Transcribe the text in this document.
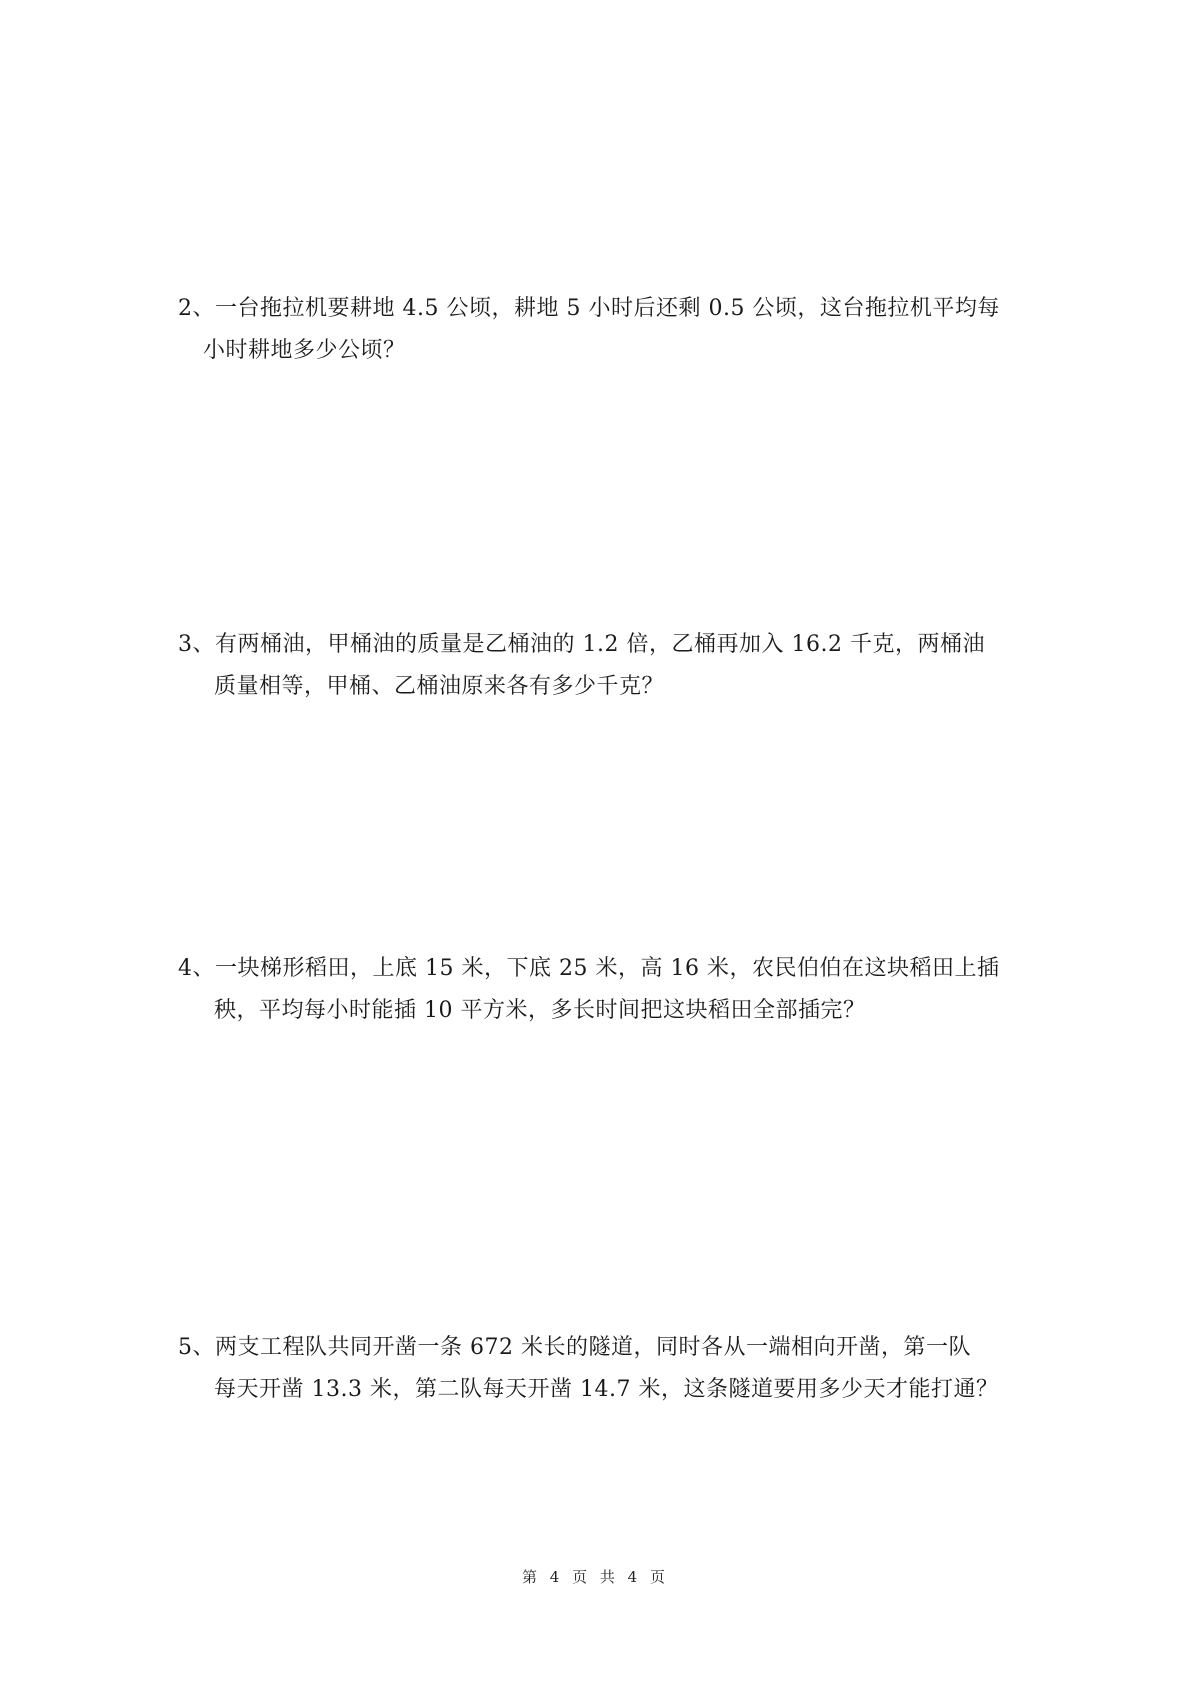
2、一台拖拉机要耕地 4.5 公顷，耕地 5 小时后还剩 0.5 公顷，这台拖拉机平均每
小时耕地多少公顷？
3、有两桶油，甲桶油的质量是乙桶油的 1.2 倍，乙桶再加入 16.2 千克，两桶油
质量相等，甲桶、乙桶油原来各有多少千克？
4、一块梯形稻田，上底 15 米，下底 25 米，高 16 米，农民伯伯在这块稻田上插
秧，平均每小时能插 10 平方米，多长时间把这块稻田全部插完？
5、两支工程队共同开凿一条 672 米长的隧道，同时各从一端相向开凿，第一队
每天开凿 13.3 米，第二队每天开凿 14.7 米，这条隧道要用多少天才能打通？
第 4 页 共 4 页
